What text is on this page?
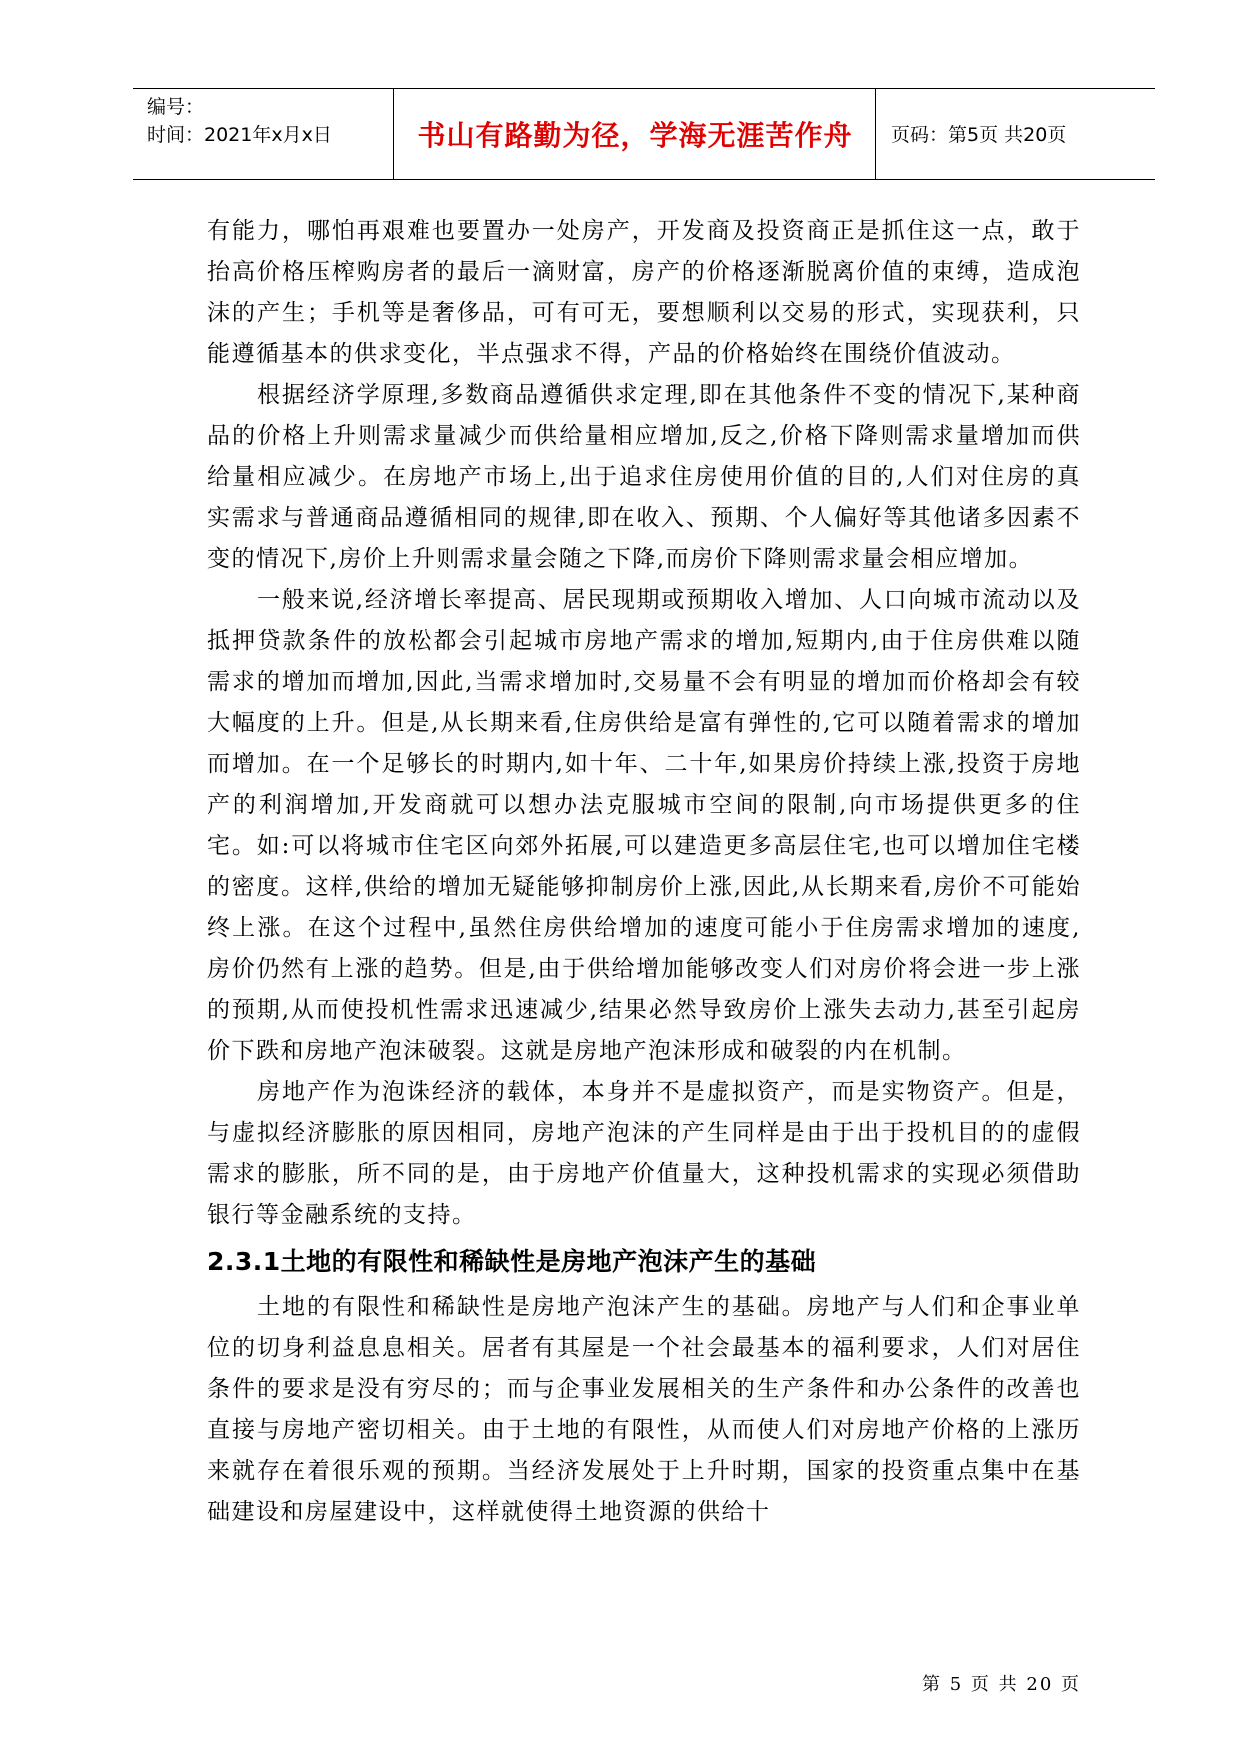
编号：
时间：2021年x月x日	书山有路勤为径，学海无涯苦作舟	页码：第5页 共20页

有能力，哪怕再艰难也要置办一处房产，开发商及投资商正是抓住这一点，敢于抬高价格压榨购房者的最后一滴财富，房产的价格逐渐脱离价值的束缚，造成泡沫的产生；手机等是奢侈品，可有可无，要想顺利以交易的形式，实现获利，只能遵循基本的供求变化，半点强求不得，产品的价格始终在围绕价值波动。

根据经济学原理,多数商品遵循供求定理,即在其他条件不变的情况下,某种商品的价格上升则需求量减少而供给量相应增加,反之,价格下降则需求量增加而供给量相应减少。在房地产市场上,出于追求住房使用价值的目的,人们对住房的真实需求与普通商品遵循相同的规律,即在收入、预期、个人偏好等其他诸多因素不变的情况下,房价上升则需求量会随之下降,而房价下降则需求量会相应增加。

一般来说,经济增长率提高、居民现期或预期收入增加、人口向城市流动以及抵押贷款条件的放松都会引起城市房地产需求的增加,短期内,由于住房供难以随需求的增加而增加,因此,当需求增加时,交易量不会有明显的增加而价格却会有较大幅度的上升。但是,从长期来看,住房供给是富有弹性的,它可以随着需求的增加而增加。在一个足够长的时期内,如十年、二十年,如果房价持续上涨,投资于房地产的利润增加,开发商就可以想办法克服城市空间的限制,向市场提供更多的住宅。如:可以将城市住宅区向郊外拓展,可以建造更多高层住宅,也可以增加住宅楼的密度。这样,供给的增加无疑能够抑制房价上涨,因此,从长期来看,房价不可能始终上涨。在这个过程中,虽然住房供给增加的速度可能小于住房需求增加的速度,房价仍然有上涨的趋势。但是,由于供给增加能够改变人们对房价将会进一步上涨的预期,从而使投机性需求迅速减少,结果必然导致房价上涨失去动力,甚至引起房价下跌和房地产泡沫破裂。这就是房地产泡沫形成和破裂的内在机制。

房地产作为泡诛经济的载体，本身并不是虚拟资产，而是实物资产。但是，与虚拟经济膨胀的原因相同，房地产泡沫的产生同样是由于出于投机目的的虚假需求的膨胀，所不同的是，由于房地产价值量大，这种投机需求的实现必须借助银行等金融系统的支持。

2.3.1土地的有限性和稀缺性是房地产泡沫产生的基础

土地的有限性和稀缺性是房地产泡沫产生的基础。房地产与人们和企事业单位的切身利益息息相关。居者有其屋是一个社会最基本的福利要求，人们对居住条件的要求是没有穷尽的；而与企事业发展相关的生产条件和办公条件的改善也直接与房地产密切相关。由于土地的有限性，从而使人们对房地产价格的上涨历来就存在着很乐观的预期。当经济发展处于上升时期，国家的投资重点集中在基础建设和房屋建设中，这样就使得土地资源的供给十

第 5 页 共 20 页
